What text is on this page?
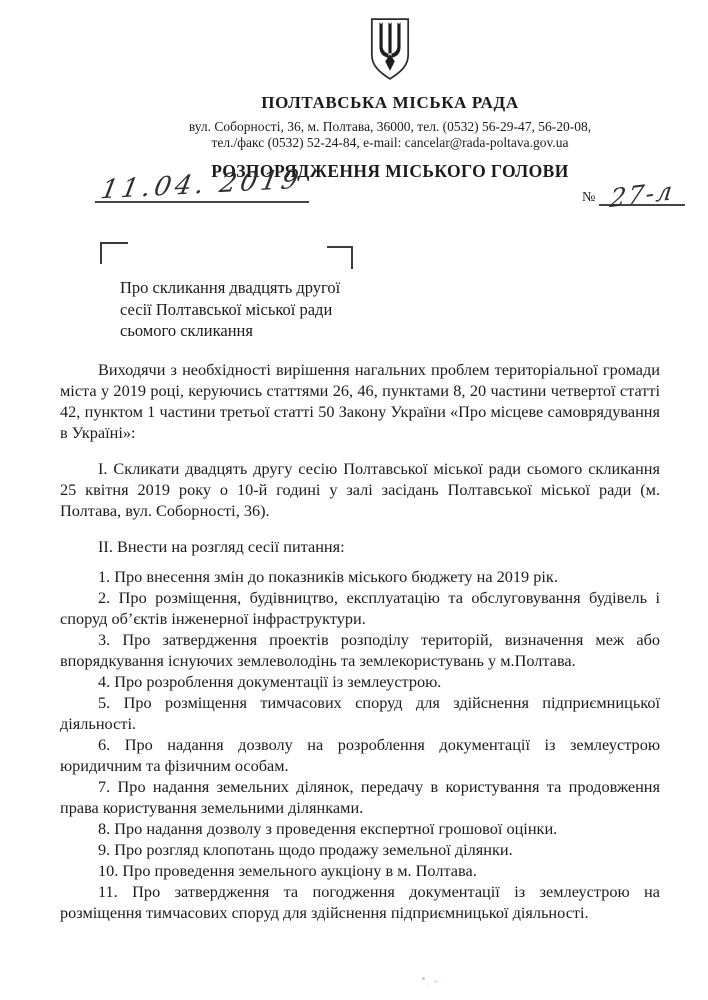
ПОЛТАВСЬКА МІСЬКА РАДА
вул. Соборності, 36, м. Полтава, 36000, тел. (0532) 56-29-47, 56-20-08,
тел./факс (0532) 52-24-84, e-mail: cancelar@rada-poltava.gov.ua
РОЗПОРЯДЖЕННЯ МІСЬКОГО ГОЛОВИ
11.04. 2019	№ 27-л
Про скликання двадцять другої
сесії Полтавської міської ради
сьомого скликання

Виходячи з необхідності вирішення нагальних проблем територіальної громади міста у 2019 році, керуючись статтями 26, 46, пунктами 8, 20 частини четвертої статті 42, пунктом 1 частини третьої статті 50 Закону України «Про місцеве самоврядування в Україні»:

І. Скликати двадцять другу сесію Полтавської міської ради сьомого скликання 25 квітня 2019 року о 10-й годині у залі засідань Полтавської міської ради (м. Полтава, вул. Соборності, 36).

ІІ. Внести на розгляд сесії питання:

1. Про внесення змін до показників міського бюджету на 2019 рік.

2. Про розміщення, будівництво, експлуатацію та обслуговування будівель і споруд об’єктів інженерної інфраструктури.

3. Про затвердження проектів розподілу територій, визначення меж або впорядкування існуючих землеволодінь та землекористувань у м.Полтава.

4. Про розроблення документації із землеустрою.

5. Про розміщення тимчасових споруд для здійснення підприємницької діяльності.

6. Про надання дозволу на розроблення документації із землеустрою юридичним та фізичним особам.

7. Про надання земельних ділянок, передачу в користування та продовження права користування земельними ділянками.

8. Про надання дозволу з проведення експертної грошової оцінки.

9. Про розгляд клопотань щодо продажу земельної ділянки.

10. Про проведення земельного аукціону в м. Полтава.

11. Про затвердження та погодження документації із землеустрою на розміщення тимчасових споруд для здійснення підприємницької діяльності.
